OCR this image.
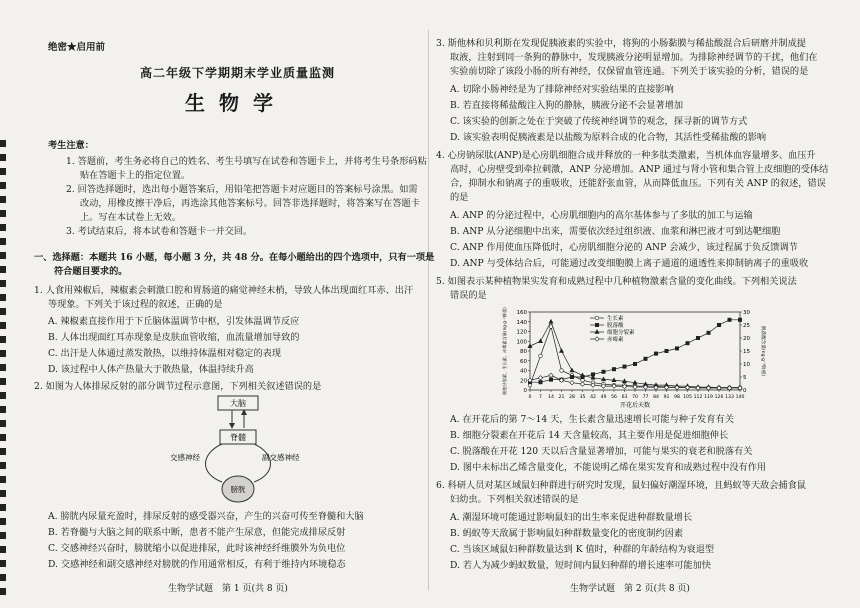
绝密★启用前
高二年级下学期期末学业质量监测
生物学
考生注意：
1. 答题前，考生务必将自己的姓名、考生号填写在试卷和答题卡上，并将考生号条形码粘
贴在答题卡上的指定位置。
2. 回答选择题时，选出每小题答案后，用铅笔把答题卡对应题目的答案标号涂黑。如需
改动，用橡皮擦干净后，再选涂其他答案标号。回答非选择题时，将答案写在答题卡
上。写在本试卷上无效。
3. 考试结束后，将本试卷和答题卡一并交回。
一、选择题：本题共 16 小题，每小题 3 分，共 48 分。在每小题给出的四个选项中，只有一项是
符合题目要求的。
1. 人食用辣椒后，辣椒素会刺激口腔和胃肠道的痛觉神经末梢，导致人体出现面红耳赤、出汗
等现象。下列关于该过程的叙述，正确的是
A. 辣椒素直接作用于下丘脑体温调节中枢，引发体温调节反应
B. 人体出现面红耳赤现象是皮肤血管收缩，血流量增加导致的
C. 出汗是人体通过蒸发散热，以维持体温相对稳定的表现
D. 该过程中人体产热量大于散热量，体温持续升高
2. 如图为人体排尿反射的部分调节过程示意图，下列相关叙述错误的是
大脑
脊髓
交感神经	副交感神经
膀胱
A. 膀胱内尿量充盈时，排尿反射的感受器兴奋，产生的兴奋可传至脊髓和大脑
B. 若脊髓与大脑之间的联系中断，患者不能产生尿意，但能完成排尿反射
C. 交感神经兴奋时，膀胱缩小以促进排尿，此时该神经纤维膜外为负电位
D. 交感神经和副交感神经对膀胱的作用通常相反，有利于维持内环境稳态
生物学试题　第 1 页(共 8 页)
3. 斯他林和贝利斯在发现促胰液素的实验中，将狗的小肠黏膜与稀盐酸混合后研磨并制成提
取液，注射到同一条狗的静脉中，发现胰液分泌明显增加。为排除神经调节的干扰，他们在
实验前切除了该段小肠的所有神经，仅保留血管连通。下列关于该实验的分析，错误的是
A. 切除小肠神经是为了排除神经对实验结果的直接影响
B. 若直接将稀盐酸注入狗的静脉，胰液分泌不会显著增加
C. 该实验的创新之处在于突破了传统神经调节的观念，探寻新的调节方式
D. 该实验表明促胰液素是以盐酸为原料合成的化合物，其活性受稀盐酸的影响
4. 心房钠尿肽(ANP)是心房肌细胞合成并释放的一种多肽类激素，当机体血容量增多、血压升
高时，心房壁受到牵拉刺激，ANP 分泌增加。ANP 通过与肾小管和集合管上皮细胞的受体结
合，抑制水和钠离子的重吸收，还能舒张血管，从而降低血压。下列有关 ANP 的叙述，错误
的是
A. ANP 的分泌过程中，心房肌细胞内的高尔基体参与了多肽的加工与运输
B. ANP 从分泌细胞中出来，需要依次经过组织液、血浆和淋巴液才可到达靶细胞
C. ANP 作用使血压降低时，心房肌细胞分泌的 ANP 会减少，该过程属于负反馈调节
D. ANP 与受体结合后，可能通过改变细胞膜上离子通道的通透性来抑制钠离子的重吸收
5. 如图表示某种植物果实发育和成熟过程中几种植物激素含量的变化曲线。下列相关说法
错误的是
0
20
40
60
80
100
120
140
160
0
5
10
15
20
25
30
0 7 14 21 28 35 42 49 56 63 70 77 84 91 98 105 112 119 126 133 140
开花后天数
细胞分裂素、生长素、赤霉素含量(ng·g⁻¹鲜重)	脱落酸含量(ng·g⁻¹鲜重)
生长素
脱落酸
细胞分裂素
赤霉素
A. 在开花后的第 7～14 天，生长素含量迅速增长可能与种子发育有关
B. 细胞分裂素在开花后 14 天含量较高，其主要作用是促进细胞伸长
C. 脱落酸在开花 120 天以后含量显著增加，可能与果实的衰老和脱落有关
D. 图中未标出乙烯含量变化，不能说明乙烯在果实发育和成熟过程中没有作用
6. 科研人员对某区域鼠妇种群进行研究时发现，鼠妇偏好潮湿环境，且蚂蚁等天敌会捕食鼠
妇幼虫。下列相关叙述错误的是
A. 潮湿环境可能通过影响鼠妇的出生率来促进种群数量增长
B. 蚂蚁等天敌属于影响鼠妇种群数量变化的密度制约因素
C. 当该区域鼠妇种群数量达到 K 值时，种群的年龄结构为衰退型
D. 若人为减少蚂蚁数量，短时间内鼠妇种群的增长速率可能加快
生物学试题　第 2 页(共 8 页)
